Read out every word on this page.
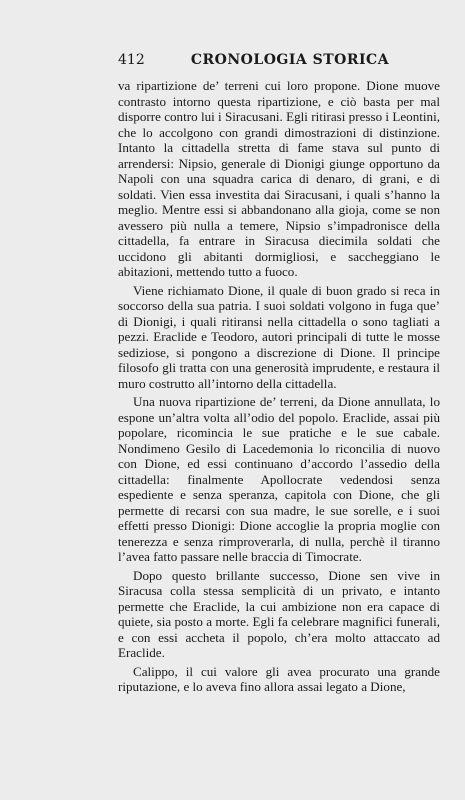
412	CRONOLOGIA STORICA

va ripartizione de’ terreni cui loro propone. Dione muove contrasto intorno questa ripartizione, e ciò basta per mal disporre contro lui i Siracusani. Egli ritirasi presso i Leontini, che lo accolgono con grandi dimostrazioni di distinzione. Intanto la cittadella stretta di fame stava sul punto di arrendersi: Nipsio, generale di Dionigi giunge opportuno da Napoli con una squadra carica di denaro, di grani, e di soldati. Vien essa investita dai Siracusani, i quali s’hanno la meglio. Mentre essi si abbandonano alla gioja, come se non avessero più nulla a temere, Nipsio s’impadronisce della cittadella, fa entrare in Siracusa diecimila soldati che uccidono gli abitanti dormigliosi, e saccheggiano le abitazioni, mettendo tutto a fuoco.

Viene richiamato Dione, il quale di buon grado si reca in soccorso della sua patria. I suoi soldati volgono in fuga que’ di Dionigi, i quali ritiransi nella cittadella o sono tagliati a pezzi. Eraclide e Teodoro, autori principali di tutte le mosse sediziose, si pongono a discrezione di Dione. Il principe filosofo gli tratta con una generosità imprudente, e restaura il muro costrutto all’intorno della cittadella.

Una nuova ripartizione de’ terreni, da Dione annullata, lo espone un’altra volta all’odio del popolo. Eraclide, assai più popolare, ricomincia le sue pratiche e le sue cabale. Nondimeno Gesilo di Lacedemonia lo riconcilia di nuovo con Dione, ed essi continuano d’accordo l’assedio della cittadella: finalmente Apollocrate vedendosi senza espediente e senza speranza, capitola con Dione, che gli permette di recarsi con sua madre, le sue sorelle, e i suoi effetti presso Dionigi: Dione accoglie la propria moglie con tenerezza e senza rimproverarla, di nulla, perchè il tiranno l’avea fatto passare nelle braccia di Timocrate.

Dopo questo brillante successo, Dione sen vive in Siracusa colla stessa semplicità di un privato, e intanto permette che Eraclide, la cui ambizione non era capace di quiete, sia posto a morte. Egli fa celebrare magnifici funerali, e con essi accheta il popolo, ch’era molto attaccato ad Eraclide.

Calippo, il cui valore gli avea procurato una grande riputazione, e lo aveva fino allora assai legato a Dione,
